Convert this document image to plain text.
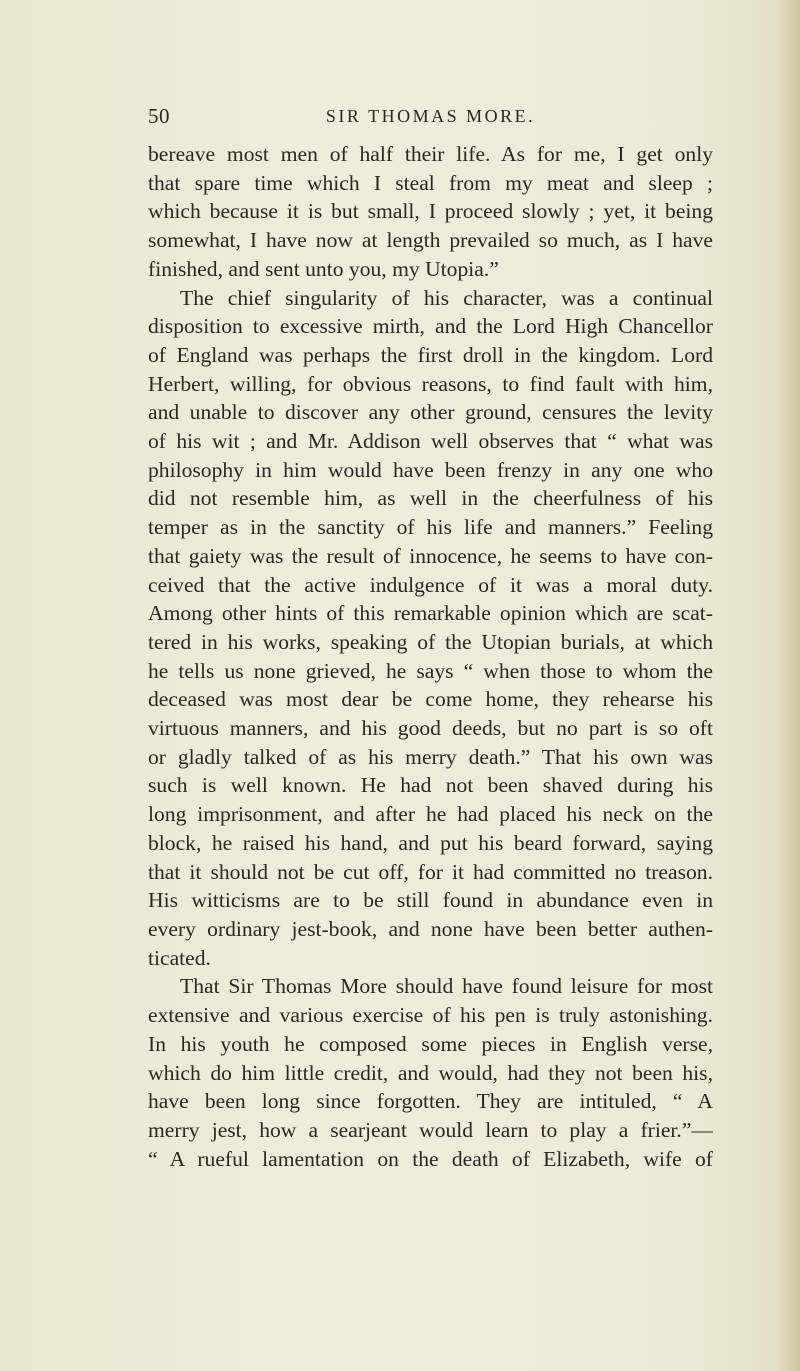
50	SIR THOMAS MORE.
bereave most men of half their life. As for me, I get only
that spare time which I steal from my meat and sleep ;
which because it is but small, I proceed slowly ; yet, it being
somewhat, I have now at length prevailed so much, as I have
finished, and sent unto you, my Utopia.”
The chief singularity of his character, was a continual
disposition to excessive mirth, and the Lord High Chancellor
of England was perhaps the first droll in the kingdom. Lord
Herbert, willing, for obvious reasons, to find fault with him,
and unable to discover any other ground, censures the levity
of his wit ; and Mr. Addison well observes that “ what was
philosophy in him would have been frenzy in any one who
did not resemble him, as well in the cheerfulness of his
temper as in the sanctity of his life and manners.” Feeling
that gaiety was the result of innocence, he seems to have con-
ceived that the active indulgence of it was a moral duty.
Among other hints of this remarkable opinion which are scat-
tered in his works, speaking of the Utopian burials, at which
he tells us none grieved, he says “ when those to whom the
deceased was most dear be come home, they rehearse his
virtuous manners, and his good deeds, but no part is so oft
or gladly talked of as his merry death.” That his own was
such is well known. He had not been shaved during his
long imprisonment, and after he had placed his neck on the
block, he raised his hand, and put his beard forward, saying
that it should not be cut off, for it had committed no treason.
His witticisms are to be still found in abundance even in
every ordinary jest-book, and none have been better authen-
ticated.
That Sir Thomas More should have found leisure for most
extensive and various exercise of his pen is truly astonishing.
In his youth he composed some pieces in English verse,
which do him little credit, and would, had they not been his,
have been long since forgotten. They are intituled, “ A
merry jest, how a searjeant would learn to play a frier.”—
“ A rueful lamentation on the death of Elizabeth, wife of
